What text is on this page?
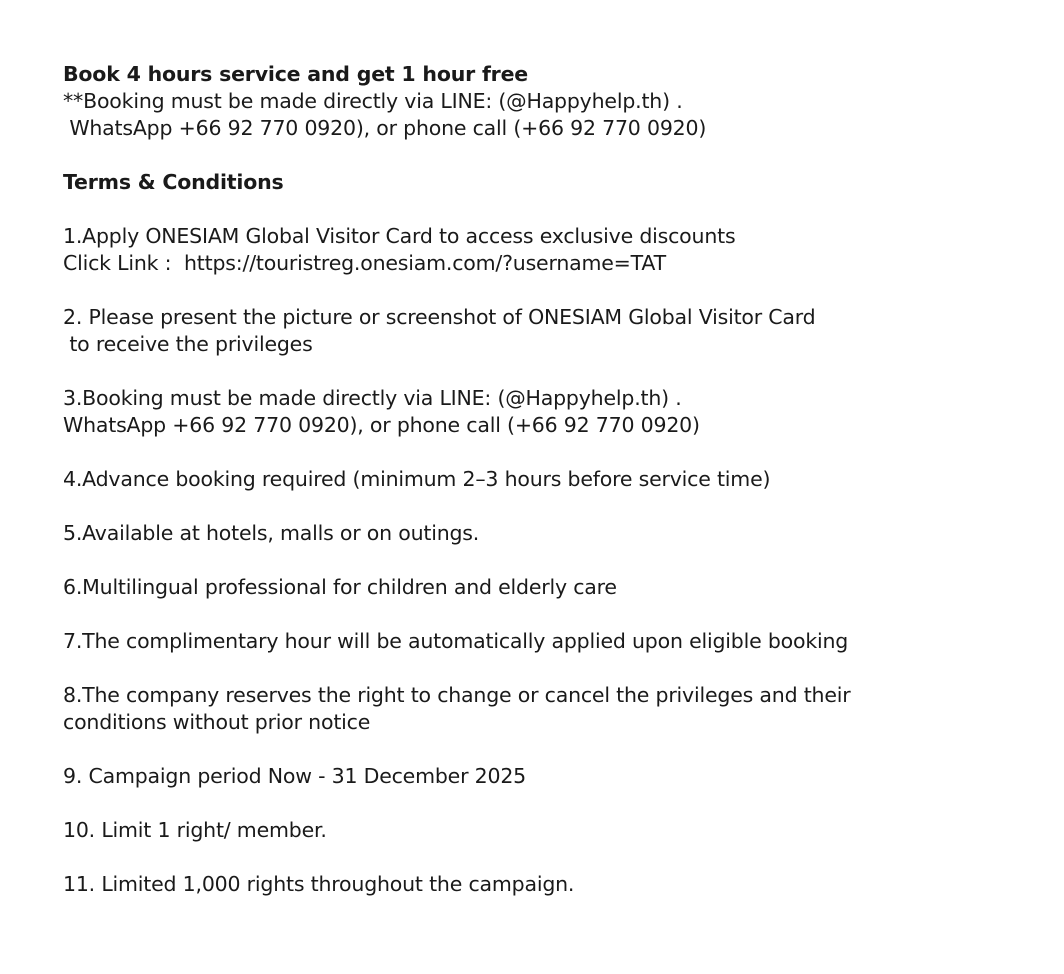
Book 4 hours service and get 1 hour free

**Booking must be made directly via LINE: (@Happyhelp.th) .

WhatsApp +66 92 770 0920), or phone call (+66 92 770 0920)

Terms & Conditions

1.Apply ONESIAM Global Visitor Card to access exclusive discounts

Click Link :  https://touristreg.onesiam.com/?username=TAT

2. Please present the picture or screenshot of ONESIAM Global Visitor Card

to receive the privileges

3.Booking must be made directly via LINE: (@Happyhelp.th) .

WhatsApp +66 92 770 0920), or phone call (+66 92 770 0920)

4.Advance booking required (minimum 2–3 hours before service time)

5.Available at hotels, malls or on outings.

6.Multilingual professional for children and elderly care

7.The complimentary hour will be automatically applied upon eligible booking

8.The company reserves the right to change or cancel the privileges and their

conditions without prior notice

9. Campaign period Now - 31 December 2025

10. Limit 1 right/ member.

11. Limited 1,000 rights throughout the campaign.
